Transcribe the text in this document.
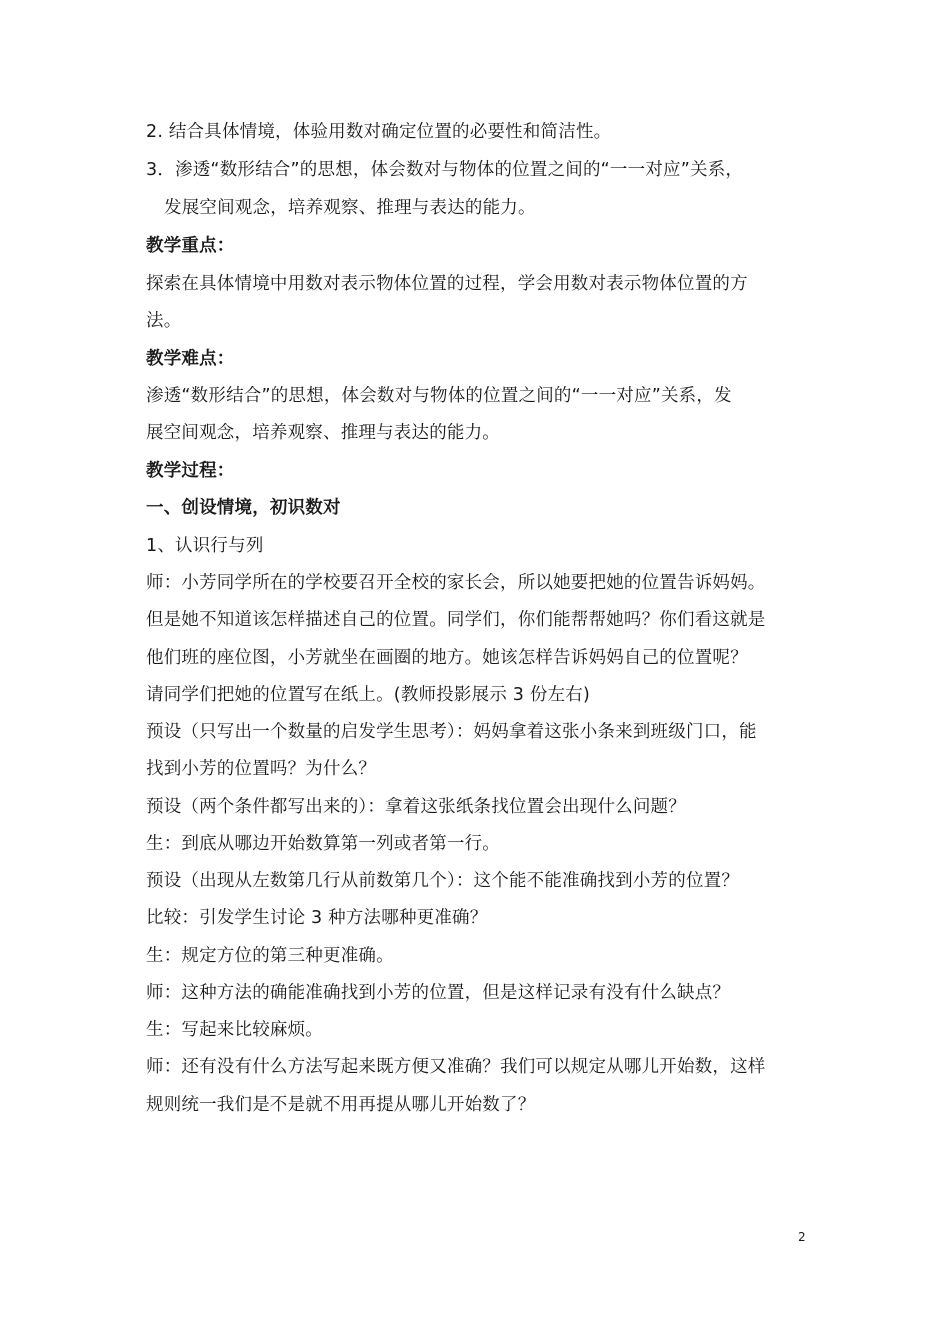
2. 结合具体情境，体验用数对确定位置的必要性和简洁性。
3．渗透“数形结合”的思想，体会数对与物体的位置之间的“一一对应”关系，
发展空间观念，培养观察、推理与表达的能力。
教学重点：
探索在具体情境中用数对表示物体位置的过程，学会用数对表示物体位置的方
法。
教学难点：
渗透“数形结合”的思想，体会数对与物体的位置之间的“一一对应”关系，发
展空间观念，培养观察、推理与表达的能力。
教学过程：
一、创设情境，初识数对
1、认识行与列
师：小芳同学所在的学校要召开全校的家长会，所以她要把她的位置告诉妈妈。
但是她不知道该怎样描述自己的位置。同学们，你们能帮帮她吗？你们看这就是
他们班的座位图，小芳就坐在画圈的地方。她该怎样告诉妈妈自己的位置呢？
请同学们把她的位置写在纸上。(教师投影展示 3 份左右)
预设（只写出一个数量的启发学生思考）：妈妈拿着这张小条来到班级门口，能
找到小芳的位置吗？为什么？
预设（两个条件都写出来的）：拿着这张纸条找位置会出现什么问题？
生：到底从哪边开始数算第一列或者第一行。
预设（出现从左数第几行从前数第几个）：这个能不能准确找到小芳的位置？
比较：引发学生讨论 3 种方法哪种更准确？
生：规定方位的第三种更准确。
师：这种方法的确能准确找到小芳的位置，但是这样记录有没有什么缺点？
生：写起来比较麻烦。
师：还有没有什么方法写起来既方便又准确？我们可以规定从哪儿开始数，这样
规则统一我们是不是就不用再提从哪儿开始数了？
2
